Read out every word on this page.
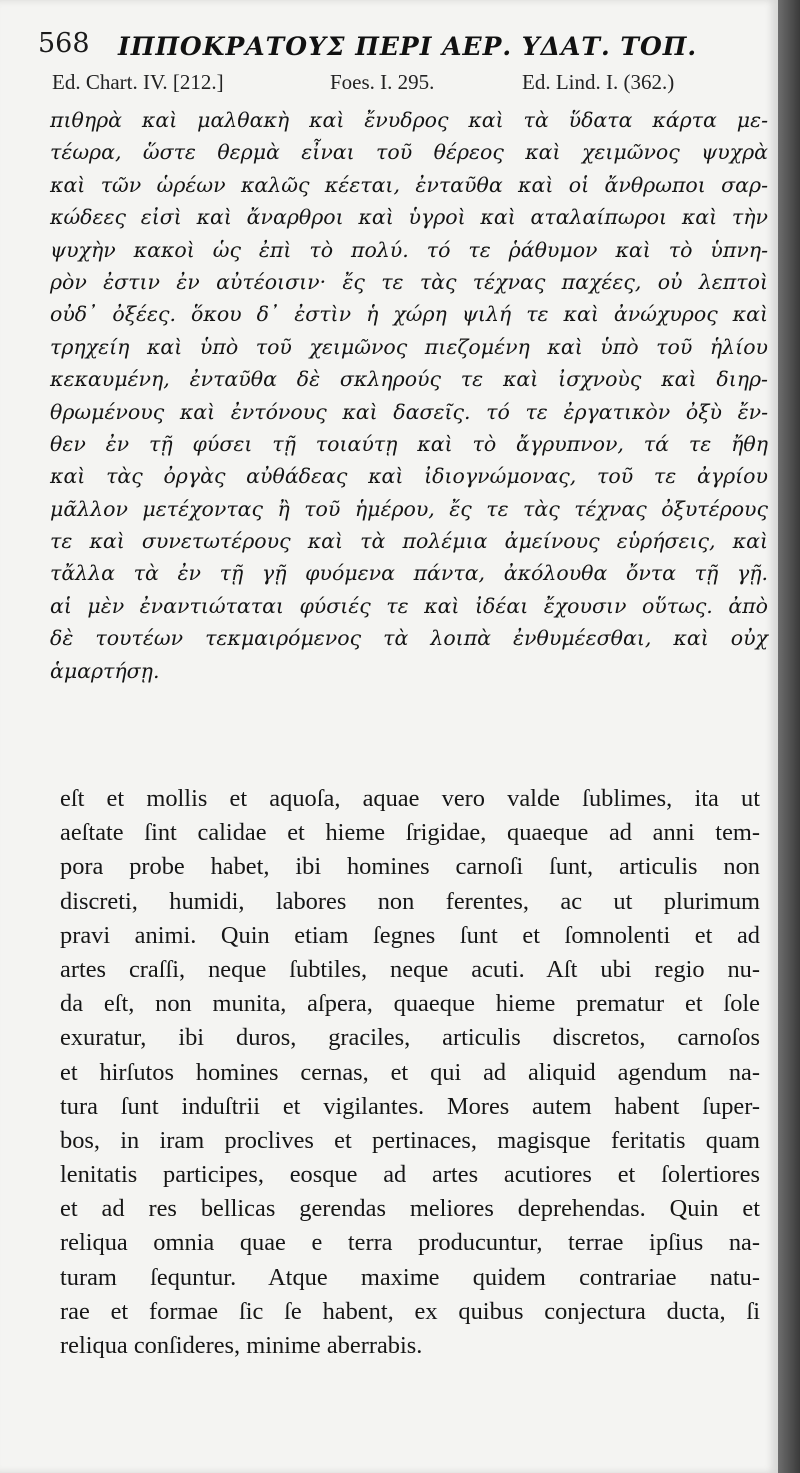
568 ΙΠΠΟΚΡΑΤΟΥΣ ΠΕΡΙ ΑΕΡ. ΥΔΑΤ. ΤΟΠ.
Ed. Chart. IV. [212.]	Foes. I. 295.	Ed. Lind. I. (362.)
πιθηρὰ καὶ μαλθακὴ καὶ ἔνυδρος καὶ τὰ ὕδατα κάρτα με-
τέωρα, ὥστε θερμὰ εἶναι τοῦ θέρεος καὶ χειμῶνος ψυχρὰ
καὶ τῶν ὡρέων καλῶς κέεται, ἐνταῦθα καὶ οἱ ἄνθρωποι σαρ-
κώδεες εἰσὶ καὶ ἄναρθροι καὶ ὑγροὶ καὶ αταλαίπωροι καὶ τὴν
ψυχὴν κακοὶ ὡς ἐπὶ τὸ πολύ. τό τε ῥάθυμον καὶ τὸ ὑπνη-
ρὸν ἐστιν ἐν αὐτέοισιν· ἔς τε τὰς τέχνας παχέες, οὐ λεπτοὶ
οὐδ᾽ ὀξέες. ὅκου δ᾽ ἐστὶν ἡ χώρη ψιλή τε καὶ ἀνώχυρος καὶ
τρηχείη καὶ ὑπὸ τοῦ χειμῶνος πιεζομένη καὶ ὑπὸ τοῦ ἡλίου
κεκαυμένη, ἐνταῦθα δὲ σκληρούς τε καὶ ἰσχνοὺς καὶ διηρ-
θρωμένους καὶ ἐντόνους καὶ δασεῖς. τό τε ἐργατικὸν ὀξὺ ἔν-
θεν ἐν τῇ φύσει τῇ τοιαύτῃ καὶ τὸ ἄγρυπνον, τά τε ἤθη
καὶ τὰς ὀργὰς αὐθάδεας καὶ ἰδιογνώμονας, τοῦ τε ἀγρίου
μᾶλλον μετέχοντας ἢ τοῦ ἡμέρου, ἔς τε τὰς τέχνας ὀξυτέρους
τε καὶ συνετωτέρους καὶ τὰ πολέμια ἀμείνους εὑρήσεις, καὶ
τἄλλα τὰ ἐν τῇ γῇ φυόμενα πάντα, ἀκόλουθα ὄντα τῇ γῇ.
αἱ μὲν ἐναντιώταται φύσιές τε καὶ ἰδέαι ἔχουσιν οὕτως. ἀπὸ
δὲ τουτέων τεκμαιρόμενος τὰ λοιπὰ ἐνθυμέεσθαι, καὶ οὐχ
ἁμαρτήσῃ.
eſt et mollis et aquoſa, aquae vero valde ſublimes, ita ut
aeſtate ſint calidae et hieme ſrigidae, quaeque ad anni tem-
pora probe habet, ibi homines carnoſi ſunt, articulis non
discreti, humidi, labores non ferentes, ac ut plurimum
pravi animi. Quin etiam ſegnes ſunt et ſomnolenti et ad
artes craſſi, neque ſubtiles, neque acuti. Aſt ubi regio nu-
da eſt, non munita, aſpera, quaeque hieme prematur et ſole
exuratur, ibi duros, graciles, articulis discretos, carnoſos
et hirſutos homines cernas, et qui ad aliquid agendum na-
tura ſunt induſtrii et vigilantes. Mores autem habent ſuper-
bos, in iram proclives et pertinaces, magisque feritatis quam
lenitatis participes, eosque ad artes acutiores et ſolertiores
et ad res bellicas gerendas meliores deprehendas. Quin et
reliqua omnia quae e terra producuntur, terrae ipſius na-
turam ſequntur. Atque maxime quidem contrariae natu-
rae et formae ſic ſe habent, ex quibus conjectura ducta, ſi
reliqua conſideres, minime aberrabis.
